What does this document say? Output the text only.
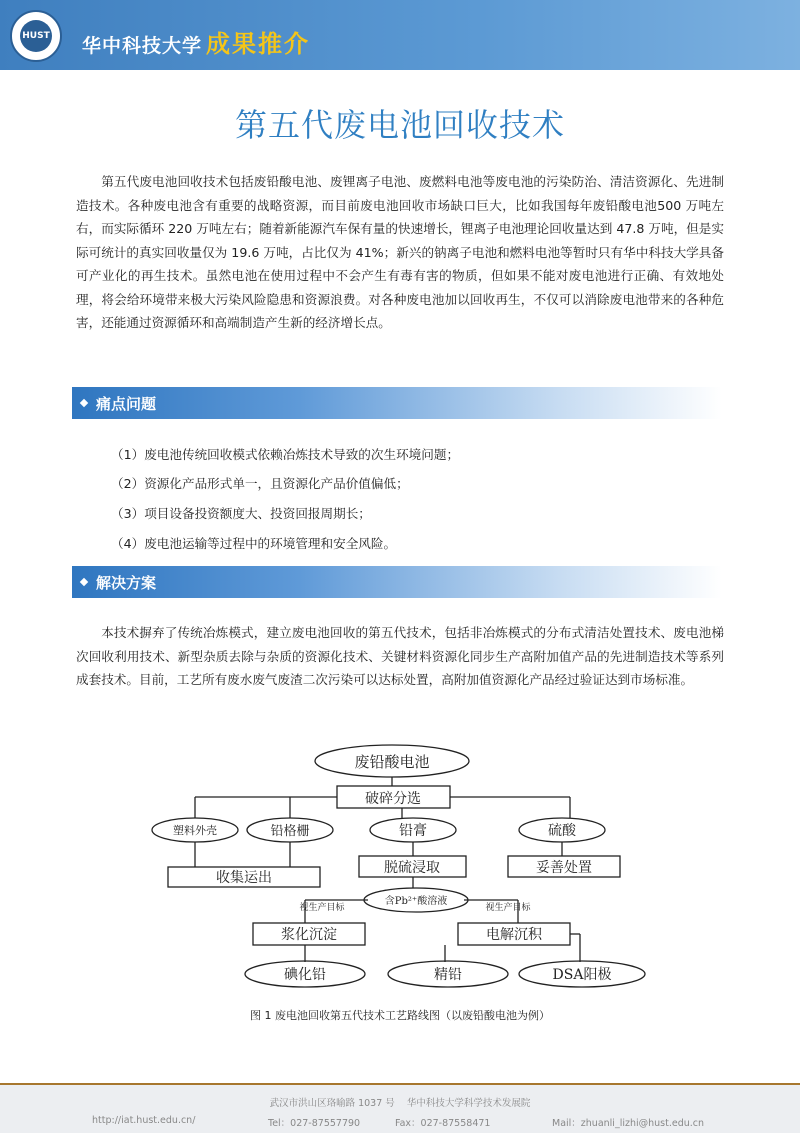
HUST 华中科技大学 成果推介
第五代废电池回收技术

第五代废电池回收技术包括废铅酸电池、废锂离子电池、废燃料电池等废电池的污染防治、清洁资源化、先进制造技术。各种废电池含有重要的战略资源，而目前废电池回收市场缺口巨大，比如我国每年废铅酸电池500 万吨左右，而实际循环 220 万吨左右；随着新能源汽车保有量的快速增长，锂离子电池理论回收量达到 47.8 万吨，但是实际可统计的真实回收量仅为 19.6 万吨，占比仅为 41%；新兴的钠离子电池和燃料电池等暂时只有华中科技大学具备可产业化的再生技术。虽然电池在使用过程中不会产生有毒有害的物质，但如果不能对废电池进行正确、有效地处理，将会给环境带来极大污染风险隐患和资源浪费。对各种废电池加以回收再生，不仅可以消除废电池带来的各种危害，还能通过资源循环和高端制造产生新的经济增长点。

痛点问题
（1）废电池传统回收模式依赖冶炼技术导致的次生环境问题；
（2）资源化产品形式单一，且资源化产品价值偏低；
（3）项目设备投资额度大、投资回报周期长；
（4）废电池运输等过程中的环境管理和安全风险。
解决方案

本技术摒弃了传统冶炼模式，建立废电池回收的第五代技术，包括非冶炼模式的分布式清洁处置技术、废电池梯次回收利用技术、新型杂质去除与杂质的资源化技术、关键材料资源化同步生产高附加值产品的先进制造技术等系列成套技术。目前，工艺所有废水废气废渣二次污染可以达标处置，高附加值资源化产品经过验证达到市场标准。

废铅酸电池
破碎分选
塑料外壳	铅格栅	铅膏	硫酸
收集运出
脱硫浸取	妥善处置
含Pb²⁺酸溶液
视生产目标	视生产目标
浆化沉淀	电解沉积
碘化铅	精铅	DSA阳极
图 1 废电池回收第五代技术工艺路线图（以废铅酸电池为例）
武汉市洪山区珞喻路 1037 号 华中科技大学科学技术发展院
http://iat.hust.edu.cn/	Tel：027-87557790	Fax：027-87558471	Mail：zhuanli_lizhi@hust.edu.cn
